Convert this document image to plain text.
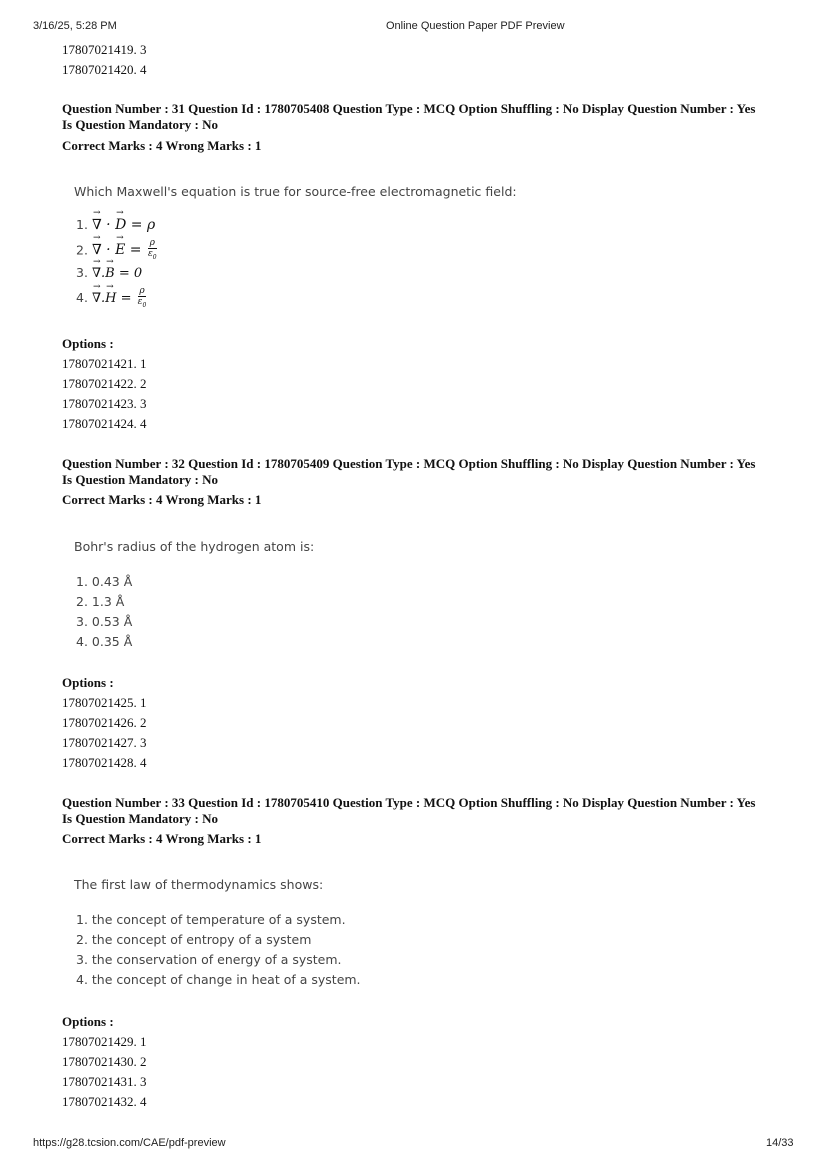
3/16/25, 5:28 PM	Online Question Paper PDF Preview
17807021419. 3
17807021420. 4
Question Number : 31 Question Id : 1780705408 Question Type : MCQ Option Shuffling : No Display Question Number : Yes
Is Question Mandatory : No
Correct Marks : 4 Wrong Marks : 1
Which Maxwell's equation is true for source-free electromagnetic field:
1. → ∇ · → D = ρ
2. → ∇ · → $E = \frac{\rho}{\varepsilon_0}$
3. → ∇.→ B = 0
4. → ∇.→ $H = \frac{\rho}{\varepsilon_0}$
Options :
17807021421. 1
17807021422. 2
17807021423. 3
17807021424. 4
Question Number : 32 Question Id : 1780705409 Question Type : MCQ Option Shuffling : No Display Question Number : Yes
Is Question Mandatory : No
Correct Marks : 4 Wrong Marks : 1
Bohr's radius of the hydrogen atom is:
1. 0.43 Å
2. 1.3 Å
3. 0.53 Å
4. 0.35 Å
Options :
17807021425. 1
17807021426. 2
17807021427. 3
17807021428. 4
Question Number : 33 Question Id : 1780705410 Question Type : MCQ Option Shuffling : No Display Question Number : Yes
Is Question Mandatory : No
Correct Marks : 4 Wrong Marks : 1
The first law of thermodynamics shows:
1. the concept of temperature of a system.
2. the concept of entropy of a system
3. the conservation of energy of a system.
4. the concept of change in heat of a system.
Options :
17807021429. 1
17807021430. 2
17807021431. 3
17807021432. 4
https://g28.tcsion.com/CAE/pdf-preview	14/33
